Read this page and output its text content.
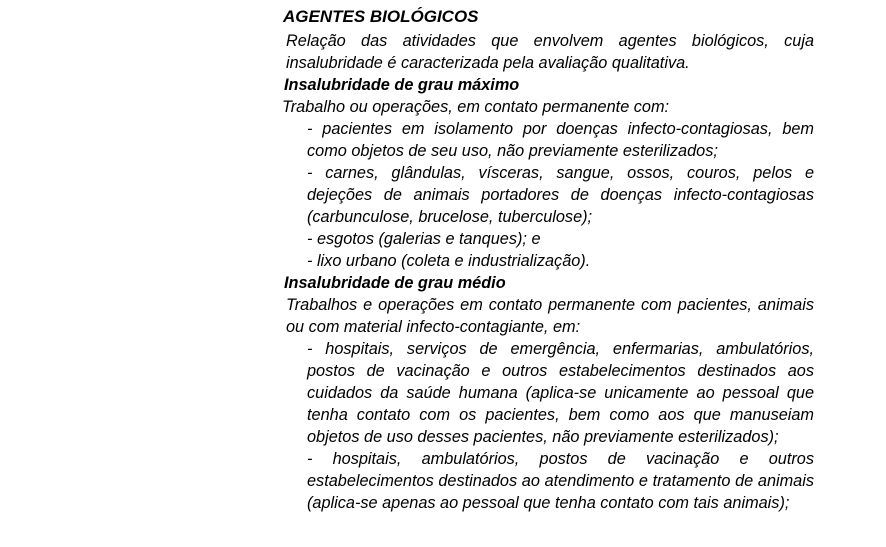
AGENTES BIOLÓGICOS

Relação das atividades que envolvem agentes biológicos, cuja insalubridade é caracterizada pela avaliação qualitativa.

Insalubridade de grau máximo

Trabalho ou operações, em contato permanente com:

- pacientes em isolamento por doenças infecto-contagiosas, bem como objetos de seu uso, não previamente esterilizados;
- carnes, glândulas, vísceras, sangue, ossos, couros, pelos e dejeções de animais portadores de doenças infecto-contagiosas (carbunculose, brucelose, tuberculose);
- esgotos (galerias e tanques); e
- lixo urbano (coleta e industrialização).

Insalubridade de grau médio

Trabalhos e operações em contato permanente com pacientes, animais ou com material infecto-contagiante, em:

- hospitais, serviços de emergência, enfermarias, ambulatórios, postos de vacinação e outros estabelecimentos destinados aos cuidados da saúde humana (aplica-se unicamente ao pessoal que tenha contato com os pacientes, bem como aos que manuseiam objetos de uso desses pacientes, não previamente esterilizados);
- hospitais, ambulatórios, postos de vacinação e outros estabelecimentos destinados ao atendimento e tratamento de animais (aplica-se apenas ao pessoal que tenha contato com tais animais);
